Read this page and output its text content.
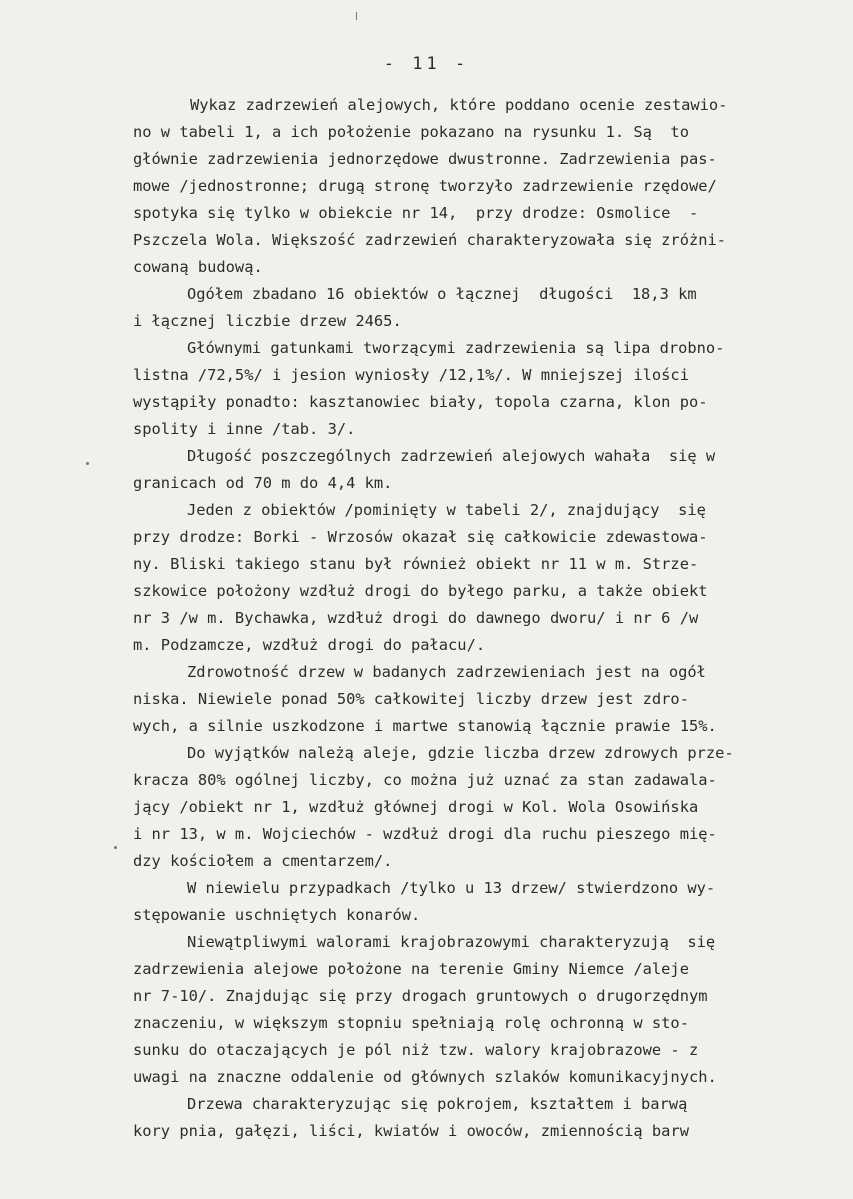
- 11 -
Wykaz zadrzewień alejowych, które poddano ocenie zestawio-
no w tabeli 1, a ich położenie pokazano na rysunku 1. Są  to
głównie zadrzewienia jednorzędowe dwustronne. Zadrzewienia pas-
mowe /jednostronne; drugą stronę tworzyło zadrzewienie rzędowe/
spotyka się tylko w obiekcie nr 14,  przy drodze: Osmolice  -
Pszczela Wola. Większość zadrzewień charakteryzowała się zróżni-
cowaną budową.
Ogółem zbadano 16 obiektów o łącznej  długości  18,3 km
i łącznej liczbie drzew 2465.
Głównymi gatunkami tworzącymi zadrzewienia są lipa drobno-
listna /72,5%/ i jesion wyniosły /12,1%/. W mniejszej ilości
wystąpiły ponadto: kasztanowiec biały, topola czarna, klon po-
spolity i inne /tab. 3/.
Długość poszczególnych zadrzewień alejowych wahała  się w
granicach od 70 m do 4,4 km.
Jeden z obiektów /pominięty w tabeli 2/, znajdujący  się
przy drodze: Borki - Wrzosów okazał się całkowicie zdewastowa-
ny. Bliski takiego stanu był również obiekt nr 11 w m. Strze-
szkowice położony wzdłuż drogi do byłego parku, a także obiekt
nr 3 /w m. Bychawka, wzdłuż drogi do dawnego dworu/ i nr 6 /w
m. Podzamcze, wzdłuż drogi do pałacu/.
Zdrowotność drzew w badanych zadrzewieniach jest na ogół
niska. Niewiele ponad 50% całkowitej liczby drzew jest zdro-
wych, a silnie uszkodzone i martwe stanowią łącznie prawie 15%.
Do wyjątków należą aleje, gdzie liczba drzew zdrowych prze-
kracza 80% ogólnej liczby, co można już uznać za stan zadawala-
jący /obiekt nr 1, wzdłuż głównej drogi w Kol. Wola Osowińska
i nr 13, w m. Wojciechów - wzdłuż drogi dla ruchu pieszego mię-
dzy kościołem a cmentarzem/.
W niewielu przypadkach /tylko u 13 drzew/ stwierdzono wy-
stępowanie uschniętych konarów.
Niewątpliwymi walorami krajobrazowymi charakteryzują  się
zadrzewienia alejowe położone na terenie Gminy Niemce /aleje
nr 7-10/. Znajdując się przy drogach gruntowych o drugorzędnym
znaczeniu, w większym stopniu spełniają rolę ochronną w sto-
sunku do otaczających je pól niż tzw. walory krajobrazowe - z
uwagi na znaczne oddalenie od głównych szlaków komunikacyjnych.
Drzewa charakteryzując się pokrojem, kształtem i barwą
kory pnia, gałęzi, liści, kwiatów i owoców, zmiennością barw
